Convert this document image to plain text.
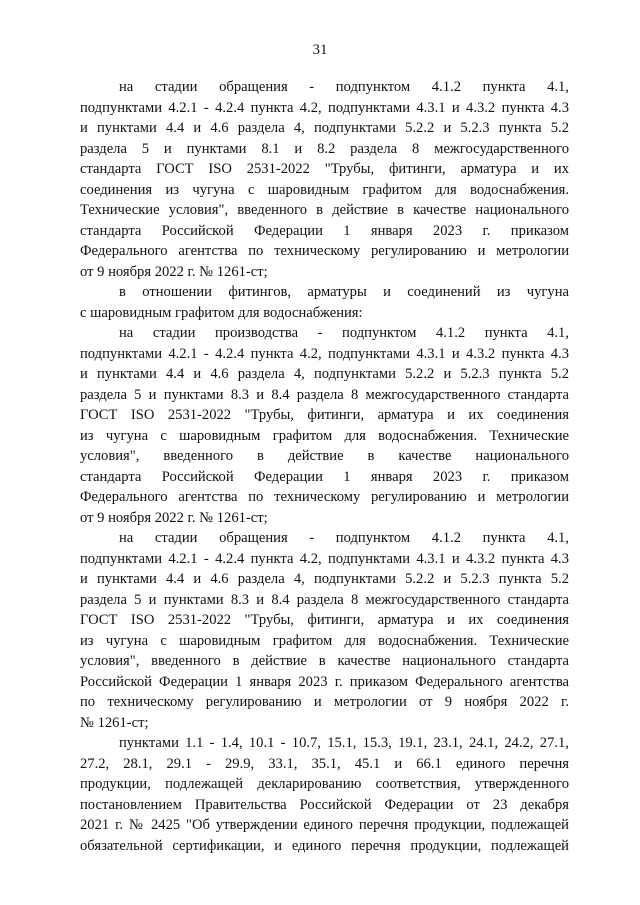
31
на стадии обращения - подпунктом 4.1.2 пункта 4.1,
подпунктами 4.2.1 - 4.2.4 пункта 4.2, подпунктами 4.3.1 и 4.3.2 пункта 4.3
и пунктами 4.4 и 4.6 раздела 4, подпунктами 5.2.2 и 5.2.3 пункта 5.2
раздела 5 и пунктами 8.1 и 8.2 раздела 8 межгосударственного
стандарта ГОСТ ISO 2531-2022 "Трубы, фитинги, арматура и их
соединения из чугуна с шаровидным графитом для водоснабжения.
Технические условия", введенного в действие в качестве национального
стандарта Российской Федерации 1 января 2023 г. приказом
Федерального агентства по техническому регулированию и метрологии
от 9 ноября 2022 г. № 1261-ст;
в отношении фитингов, арматуры и соединений из чугуна
с шаровидным графитом для водоснабжения:
на стадии производства - подпунктом 4.1.2 пункта 4.1,
подпунктами 4.2.1 - 4.2.4 пункта 4.2, подпунктами 4.3.1 и 4.3.2 пункта 4.3
и пунктами 4.4 и 4.6 раздела 4, подпунктами 5.2.2 и 5.2.3 пункта 5.2
раздела 5 и пунктами 8.3 и 8.4 раздела 8 межгосударственного стандарта
ГОСТ ISO 2531-2022 "Трубы, фитинги, арматура и их соединения
из чугуна с шаровидным графитом для водоснабжения. Технические
условия", введенного в действие в качестве национального
стандарта Российской Федерации 1 января 2023 г. приказом
Федерального агентства по техническому регулированию и метрологии
от 9 ноября 2022 г. № 1261-ст;
на стадии обращения - подпунктом 4.1.2 пункта 4.1,
подпунктами 4.2.1 - 4.2.4 пункта 4.2, подпунктами 4.3.1 и 4.3.2 пункта 4.3
и пунктами 4.4 и 4.6 раздела 4, подпунктами 5.2.2 и 5.2.3 пункта 5.2
раздела 5 и пунктами 8.3 и 8.4 раздела 8 межгосударственного стандарта
ГОСТ ISO 2531-2022 "Трубы, фитинги, арматура и их соединения
из чугуна с шаровидным графитом для водоснабжения. Технические
условия", введенного в действие в качестве национального стандарта
Российской Федерации 1 января 2023 г. приказом Федерального агентства
по техническому регулированию и метрологии от 9 ноября 2022 г.
№ 1261-ст;
пунктами 1.1 - 1.4, 10.1 - 10.7, 15.1, 15.3, 19.1, 23.1, 24.1, 24.2, 27.1,
27.2, 28.1, 29.1 - 29.9, 33.1, 35.1, 45.1 и 66.1 единого перечня
продукции, подлежащей декларированию соответствия, утвержденного
постановлением Правительства Российской Федерации от 23 декабря
2021 г. № 2425 "Об утверждении единого перечня продукции, подлежащей
обязательной сертификации, и единого перечня продукции, подлежащей
